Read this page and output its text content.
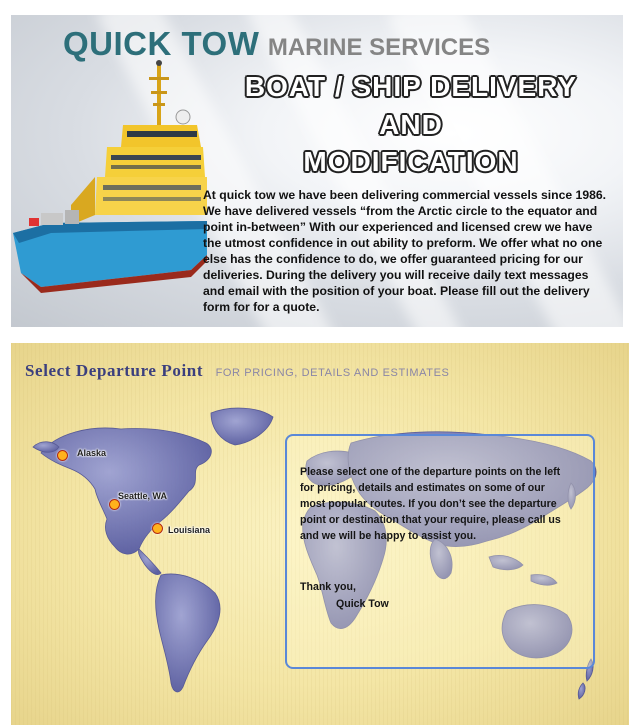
QUICK TOW MARINE SERVICES
BOAT / SHIP DELIVERY
AND
MODIFICATION
At quick tow we have been delivering commercial vessels since 1986. We have delivered vessels “from the Arctic circle to the equator and point in-between” With our experienced and licensed crew we have the utmost confidence in out ability to preform. We offer what no one else has the confidence to do, we offer guaranteed pricing for our deliveries. During the delivery you will receive daily text messages and email with the position of your boat. Please fill out the delivery form for for a quote.
Select Departure Point FOR PRICING, DETAILS AND ESTIMATES
Alaska
Seattle, WA
Louisiana
Please select one of the departure points on the left for pricing, details and estimates on some of our most popular routes. If you don’t see the departure point or destination that your require, please call us and we will be happy to assist you.
Thank you,
Quick Tow
